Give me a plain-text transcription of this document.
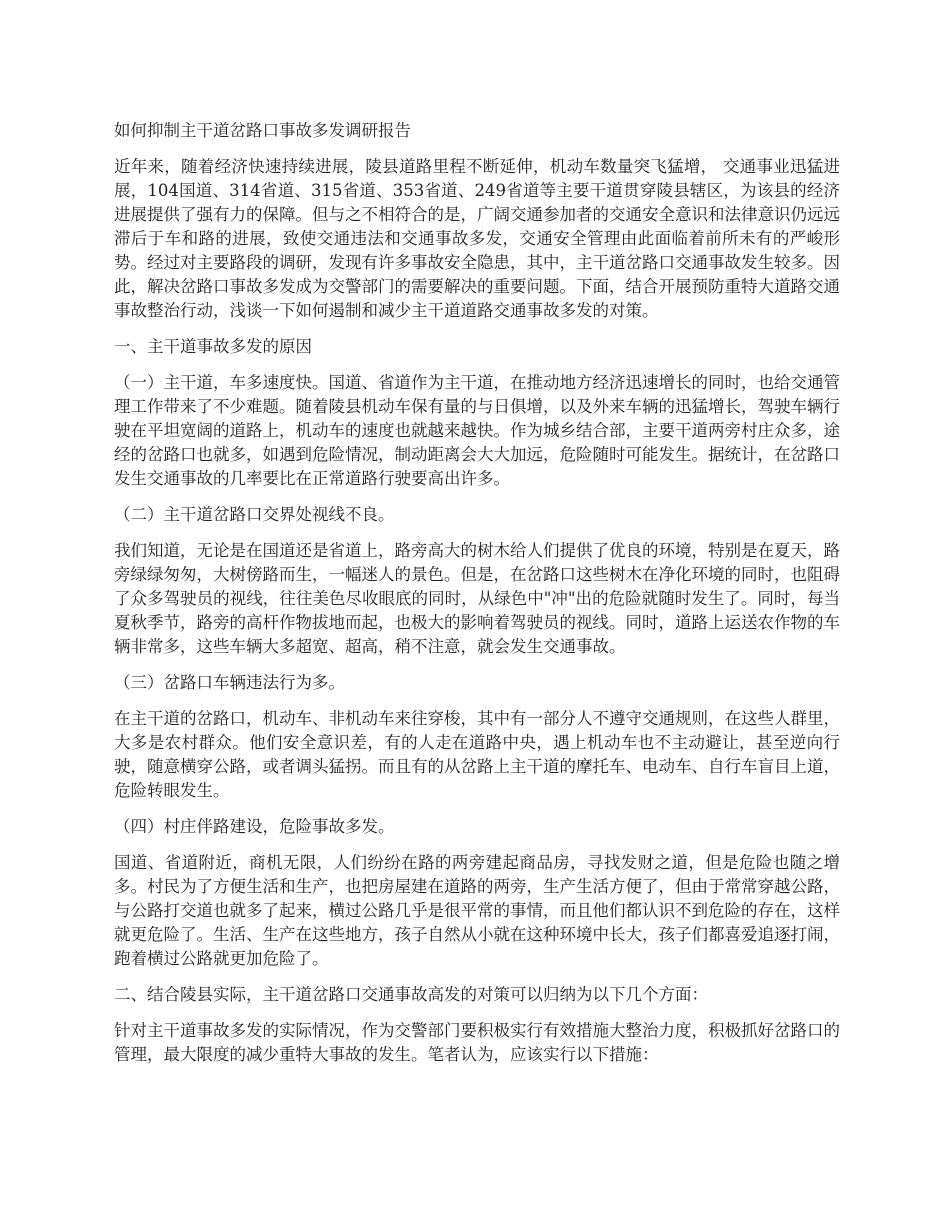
如何抑制主干道岔路口事故多发调研报告

近年来，随着经济快速持续进展，陵县道路里程不断延伸，机动车数量突飞猛增， 交通事业迅猛进展，104国道、314省道、315省道、353省道、249省道等主要干道贯穿陵县辖区，为该县的经济进展提供了强有力的保障。但与之不相符合的是，广阔交通参加者的交通安全意识和法律意识仍远远滞后于车和路的进展，致使交通违法和交通事故多发，交通安全管理由此面临着前所未有的严峻形势。经过对主要路段的调研，发现有许多事故安全隐患，其中，主干道岔路口交通事故发生较多。因此，解决岔路口事故多发成为交警部门的需要解决的重要问题。下面，结合开展预防重特大道路交通事故整治行动，浅谈一下如何遏制和减少主干道道路交通事故多发的对策。

一、主干道事故多发的原因

（一）主干道，车多速度快。国道、省道作为主干道，在推动地方经济迅速增长的同时，也给交通管理工作带来了不少难题。随着陵县机动车保有量的与日俱增，以及外来车辆的迅猛增长，驾驶车辆行驶在平坦宽阔的道路上，机动车的速度也就越来越快。作为城乡结合部，主要干道两旁村庄众多，途经的岔路口也就多，如遇到危险情况，制动距离会大大加远，危险随时可能发生。据统计，在岔路口发生交通事故的几率要比在正常道路行驶要高出许多。

（二）主干道岔路口交界处视线不良。

我们知道，无论是在国道还是省道上，路旁高大的树木给人们提供了优良的环境，特别是在夏天，路旁绿绿匆匆，大树傍路而生，一幅迷人的景色。但是，在岔路口这些树木在净化环境的同时，也阻碍了众多驾驶员的视线，往往美色尽收眼底的同时，从绿色中"冲"出的危险就随时发生了。同时，每当夏秋季节，路旁的高杆作物拔地而起，也极大的影响着驾驶员的视线。同时，道路上运送农作物的车辆非常多，这些车辆大多超宽、超高，稍不注意，就会发生交通事故。

（三）岔路口车辆违法行为多。

在主干道的岔路口，机动车、非机动车来往穿梭，其中有一部分人不遵守交通规则，在这些人群里，大多是农村群众。他们安全意识差，有的人走在道路中央，遇上机动车也不主动避让，甚至逆向行驶，随意横穿公路，或者调头猛拐。而且有的从岔路上主干道的摩托车、电动车、自行车盲目上道，危险转眼发生。

（四）村庄伴路建设，危险事故多发。

国道、省道附近，商机无限，人们纷纷在路的两旁建起商品房，寻找发财之道，但是危险也随之增多。村民为了方便生活和生产，也把房屋建在道路的两旁，生产生活方便了，但由于常常穿越公路，与公路打交道也就多了起来，横过公路几乎是很平常的事情，而且他们都认识不到危险的存在，这样就更危险了。生活、生产在这些地方，孩子自然从小就在这种环境中长大，孩子们都喜爱追逐打闹，跑着横过公路就更加危险了。

二、结合陵县实际，主干道岔路口交通事故高发的对策可以归纳为以下几个方面：

针对主干道事故多发的实际情况，作为交警部门要积极实行有效措施大整治力度，积极抓好岔路口的管理，最大限度的减少重特大事故的发生。笔者认为，应该实行以下措施：
